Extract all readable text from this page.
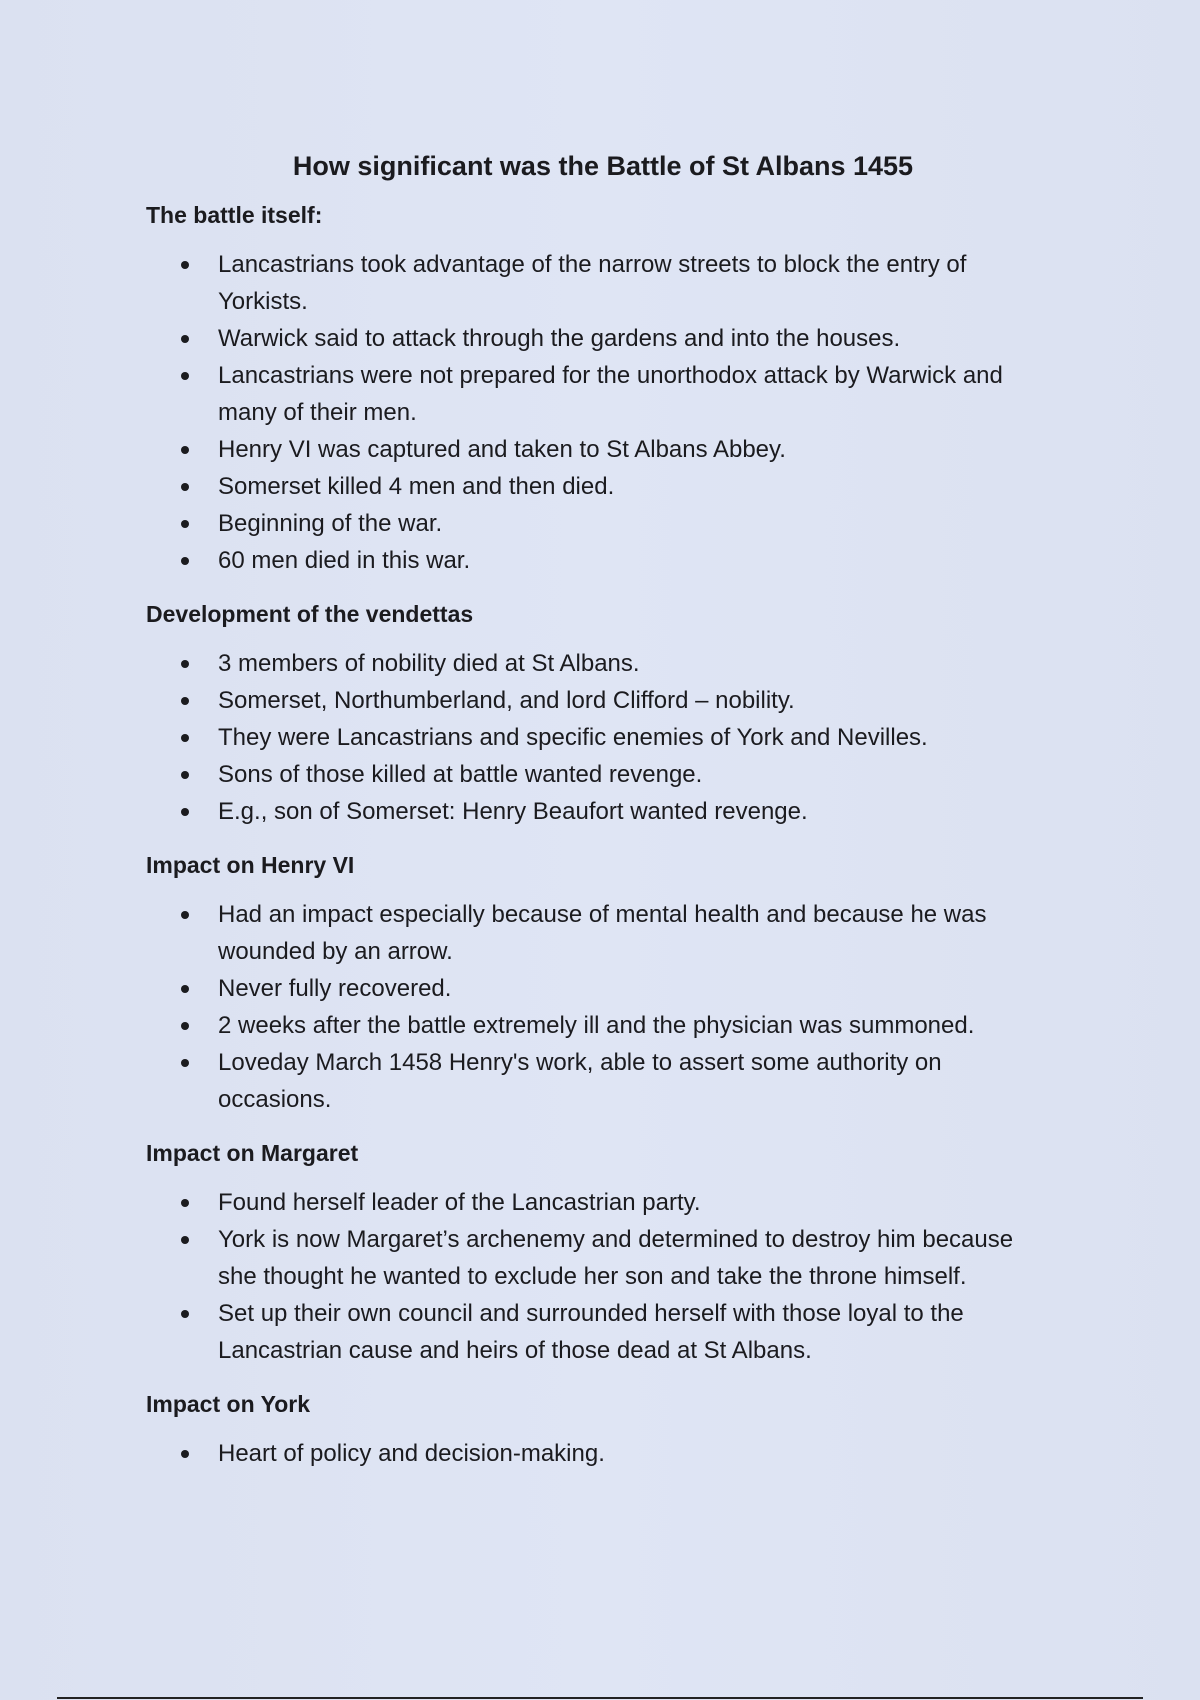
How significant was the Battle of St Albans 1455
The battle itself:
Lancastrians took advantage of the narrow streets to block the entry of Yorkists.
Warwick said to attack through the gardens and into the houses.
Lancastrians were not prepared for the unorthodox attack by Warwick and many of their men.
Henry VI was captured and taken to St Albans Abbey.
Somerset killed 4 men and then died.
Beginning of the war.
60 men died in this war.
Development of the vendettas
3 members of nobility died at St Albans.
Somerset, Northumberland, and lord Clifford – nobility.
They were Lancastrians and specific enemies of York and Nevilles.
Sons of those killed at battle wanted revenge.
E.g., son of Somerset: Henry Beaufort wanted revenge.
Impact on Henry VI
Had an impact especially because of mental health and because he was wounded by an arrow.
Never fully recovered.
2 weeks after the battle extremely ill and the physician was summoned.
Loveday March 1458 Henry's work, able to assert some authority on occasions.
Impact on Margaret
Found herself leader of the Lancastrian party.
York is now Margaret’s archenemy and determined to destroy him because she thought he wanted to exclude her son and take the throne himself.
Set up their own council and surrounded herself with those loyal to the Lancastrian cause and heirs of those dead at St Albans.
Impact on York
Heart of policy and decision-making.
